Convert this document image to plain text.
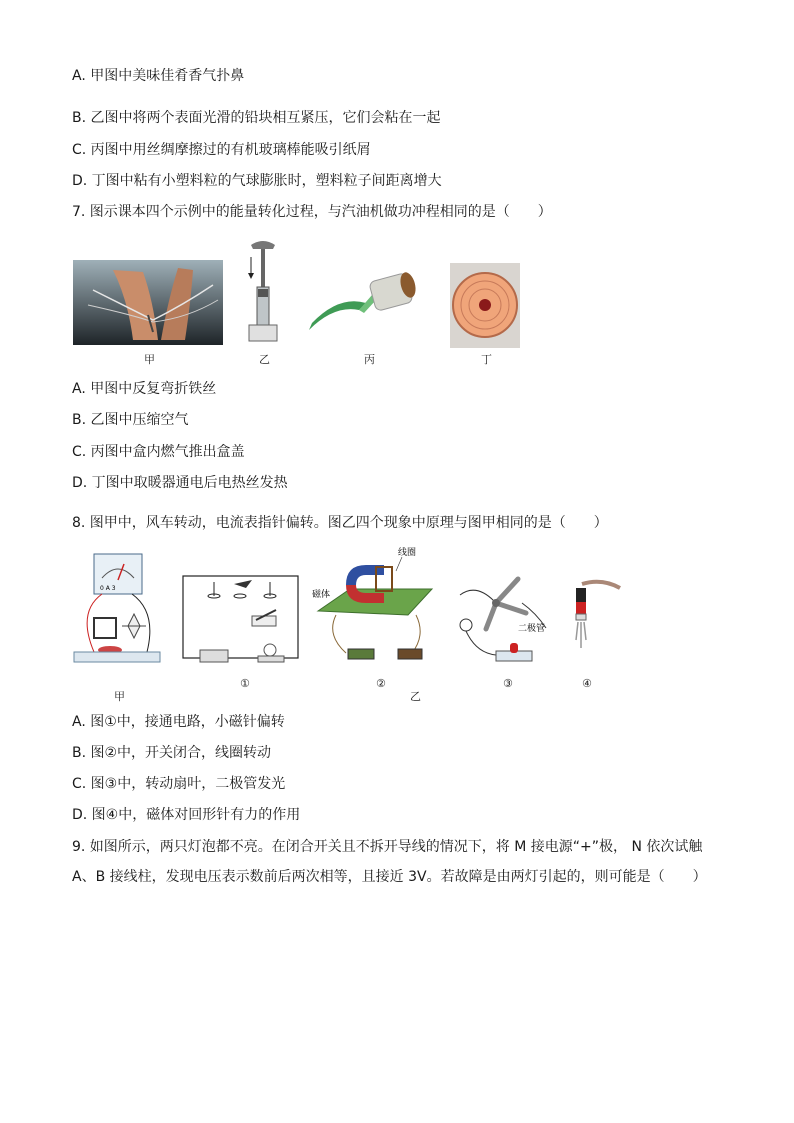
A. 甲图中美味佳肴香气扑鼻
B. 乙图中将两个表面光滑的铅块相互紧压，它们会粘在一起
C. 丙图中用丝绸摩擦过的有机玻璃棒能吸引纸屑
D. 丁图中粘有小塑料粒的气球膨胀时，塑料粒子间距离增大
7. 图示课本四个示例中的能量转化过程，与汽油机做功冲程相同的是（　　）
甲	乙	丙	丁
A. 甲图中反复弯折铁丝
B. 乙图中压缩空气
C. 丙图中盒内燃气推出盒盖
D. 丁图中取暖器通电后电热丝发热
8. 图甲中，风车转动，电流表指针偏转。图乙四个现象中原理与图甲相同的是（　　）
0 A 3
甲
①
线圈
磁体
②
乙
二极管
③	④
A. 图①中，接通电路，小磁针偏转
B. 图②中，开关闭合，线圈转动
C. 图③中，转动扇叶，二极管发光
D. 图④中，磁体对回形针有力的作用
9. 如图所示，两只灯泡都不亮。在闭合开关且不拆开导线的情况下，将 M 接电源“+”极， N 依次试触
A、B 接线柱，发现电压表示数前后两次相等，且接近 3V。若故障是由两灯引起的，则可能是（　　）
